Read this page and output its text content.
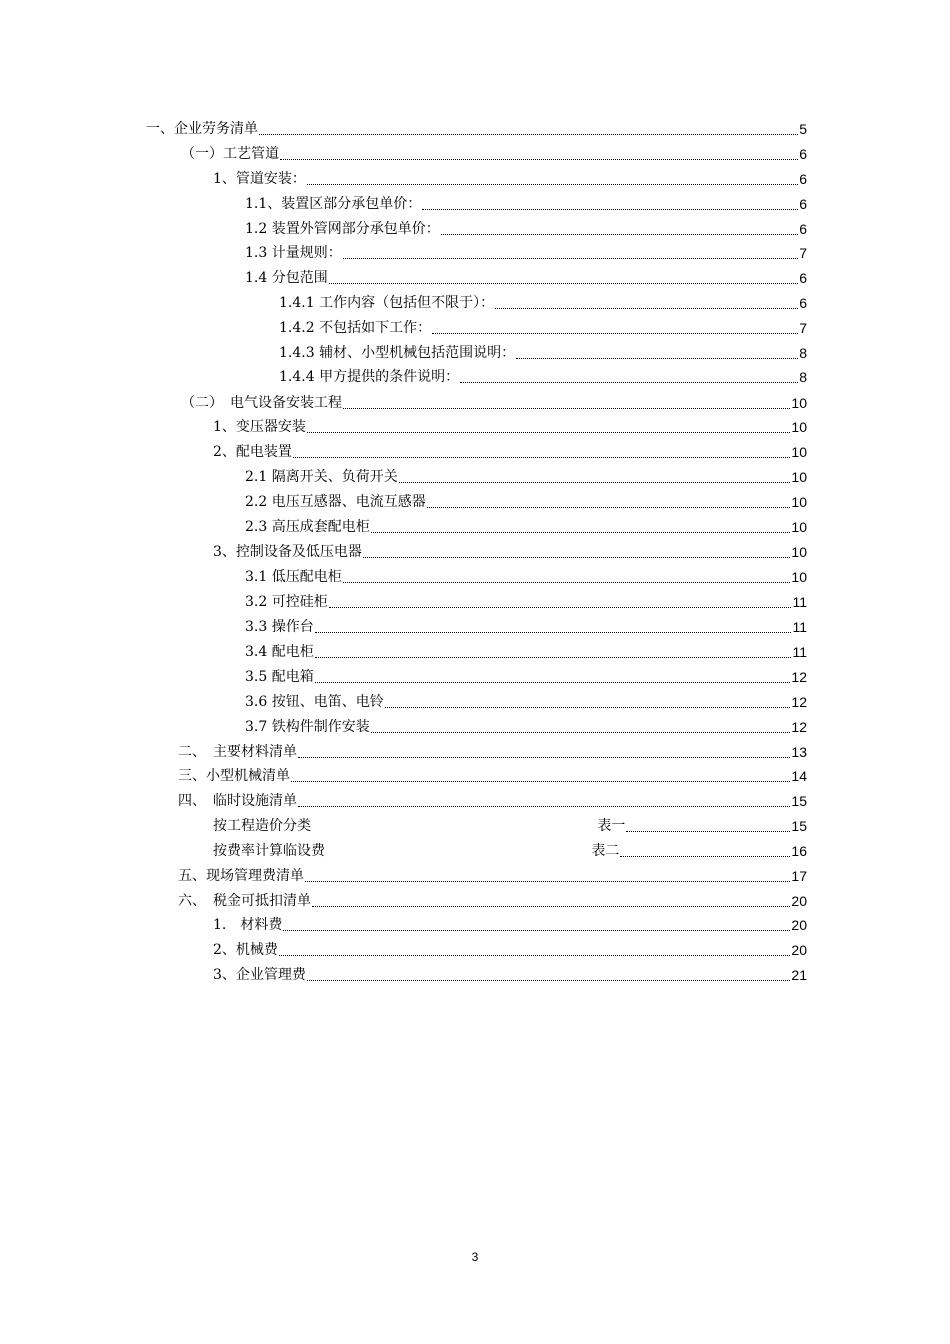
一、企业劳务清单	5
（一）工艺管道	6
1、管道安装：	6
1.1、装置区部分承包单价：	6
1.2 装置外管网部分承包单价：	6
1.3 计量规则：	7
1.4 分包范围	6
1.4.1 工作内容（包括但不限于）：	6
1.4.2 不包括如下工作：	7
1.4.3 辅材、小型机械包括范围说明：	8
1.4.4 甲方提供的条件说明：	8
（二）　电气设备安装工程	10
1、变压器安装	10
2、配电装置	10
2.1 隔离开关、负荷开关	10
2.2 电压互感器、电流互感器	10
2.3 高压成套配电柜	10
3、控制设备及低压电器	10
3.1 低压配电柜	10
3.2 可控硅柜	11
3.3 操作台	11
3.4 配电柜	11
3.5 配电箱	12
3.6 按钮、电笛、电铃	12
3.7 铁构件制作安装	12
二、　主要材料清单	13
三、小型机械清单	14
四、　临时设施清单	15
按工程造价分类	表一	15
按费率计算临设费	表二	16
五、现场管理费清单	17
六、　税金可抵扣清单	20
1.　材料费	20
2、机械费	20
3、企业管理费	21
3
